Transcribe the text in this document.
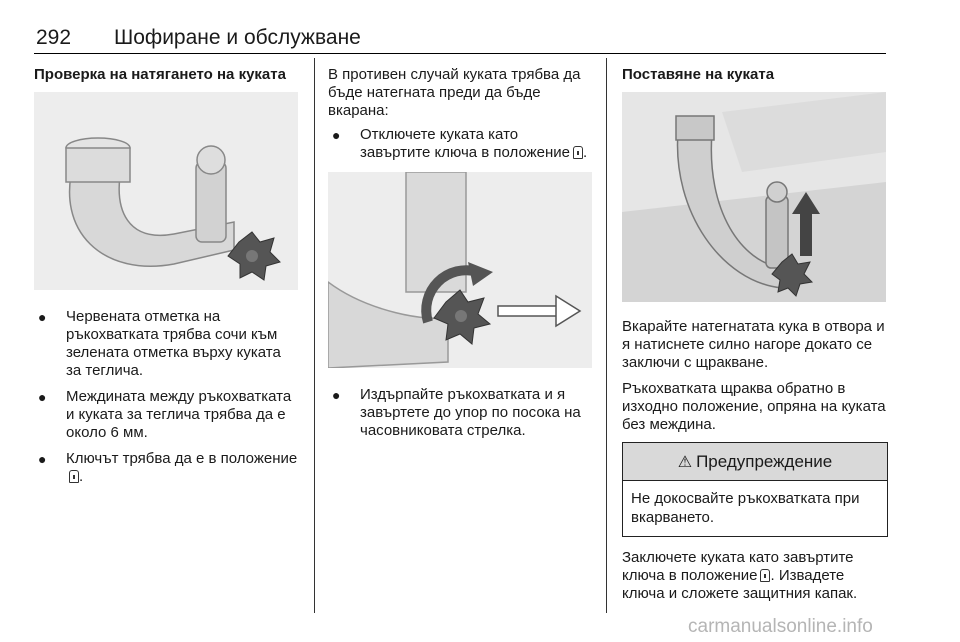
292 Шофиране и обслужване
Проверка на натягането на куката
● Червената отметка на ръкохватката трябва сочи към зелената отметка върху куката за теглича.
● Междината между ръкохватката и куката за теглича трябва да е около 6 мм.
● Ключът трябва да е в положение.

В противен случай куката трябва да бъде натегната преди да бъде вкарана:

● Отключете куката като завъртите ключа в положение .
● Издърпайте ръкохватката и я завъртете до упор по посока на часовниковата стрелка.
Поставяне на куката

Вкарайте натегнатата кука в отвора и я натиснете силно нагоре докато се заключи с щракване.

Ръкохватката щраква обратно в изходно положение, опряна на куката без междина.

⚠ Предупреждение
Не докосвайте ръкохватката при вкарването.

Заключете куката като завъртите ключа в положение . Извадете ключа и сложете защитния капак.

carmanualsonline.info
